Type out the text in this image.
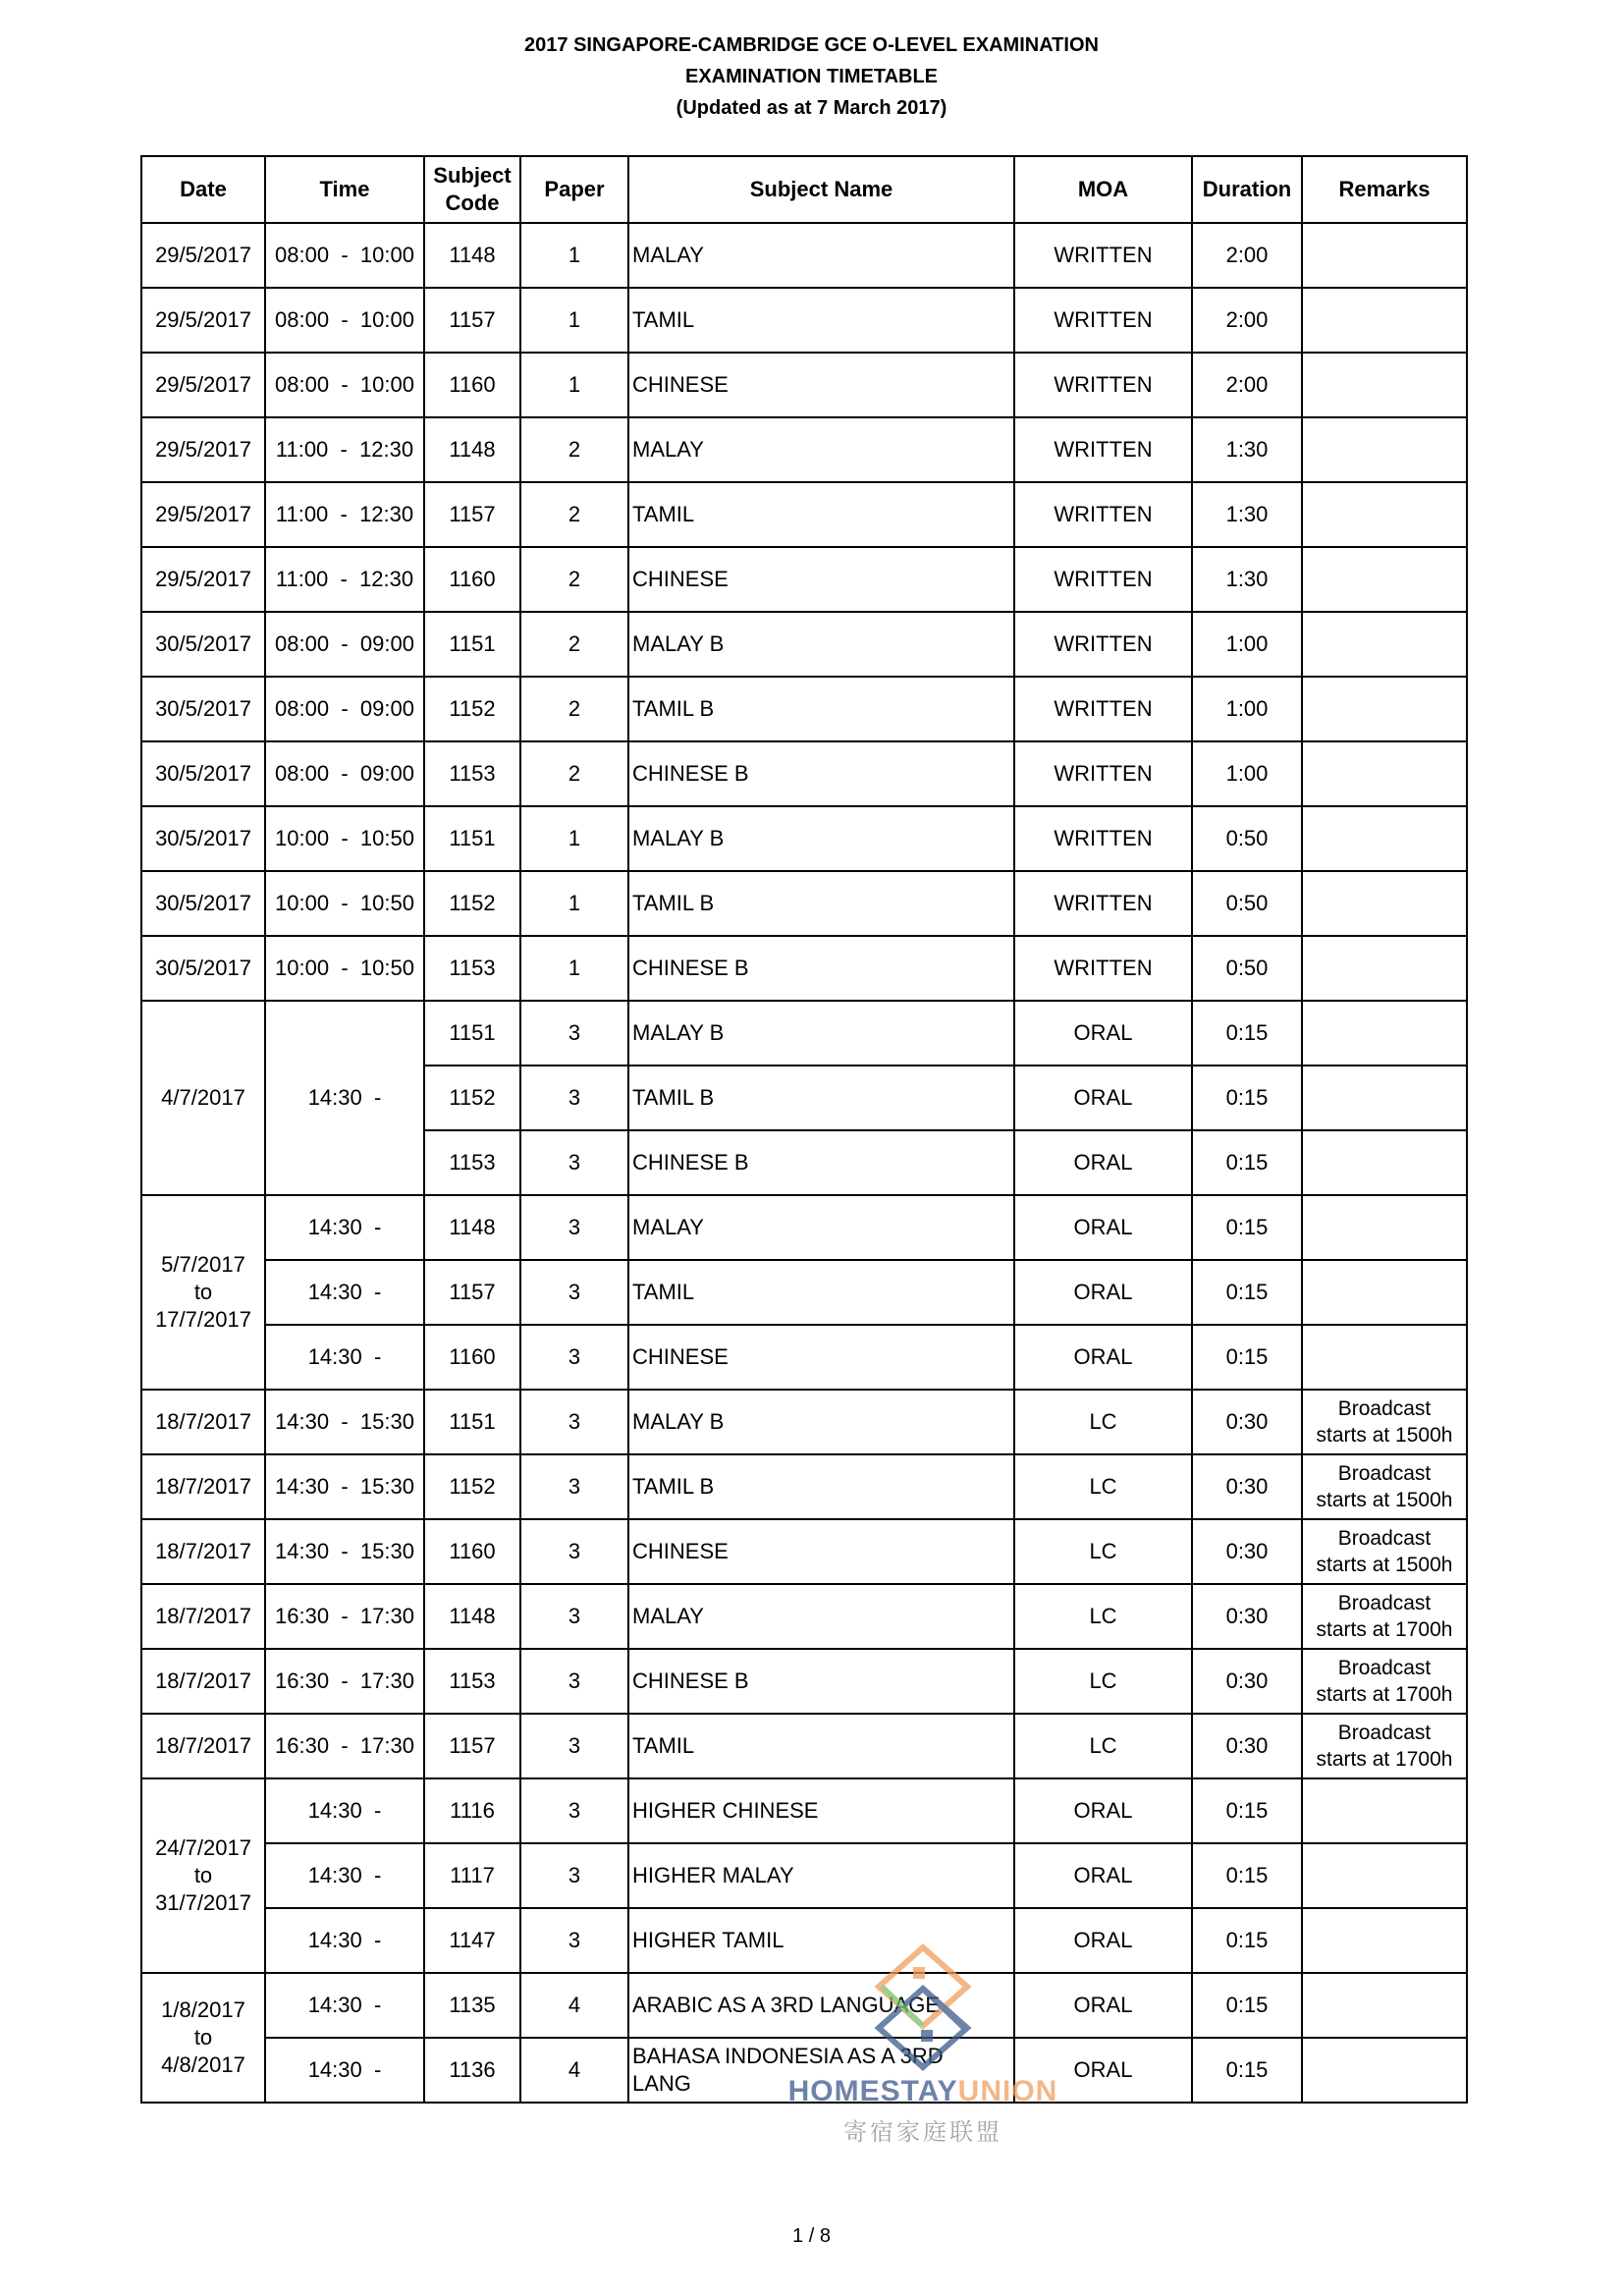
2017 SINGAPORE-CAMBRIDGE GCE O-LEVEL EXAMINATION
EXAMINATION TIMETABLE
(Updated as at 7 March 2017)
Date	Time	Subject
Code	Paper	Subject Name	MOA	Duration	Remarks
29/5/2017	08:00  -  10:00	1148	1	MALAY	WRITTEN	2:00	
29/5/2017	08:00  -  10:00	1157	1	TAMIL	WRITTEN	2:00	
29/5/2017	08:00  -  10:00	1160	1	CHINESE	WRITTEN	2:00	
29/5/2017	11:00  -  12:30	1148	2	MALAY	WRITTEN	1:30	
29/5/2017	11:00  -  12:30	1157	2	TAMIL	WRITTEN	1:30	
29/5/2017	11:00  -  12:30	1160	2	CHINESE	WRITTEN	1:30	
30/5/2017	08:00  -  09:00	1151	2	MALAY B	WRITTEN	1:00	
30/5/2017	08:00  -  09:00	1152	2	TAMIL B	WRITTEN	1:00	
30/5/2017	08:00  -  09:00	1153	2	CHINESE B	WRITTEN	1:00	
30/5/2017	10:00  -  10:50	1151	1	MALAY B	WRITTEN	0:50	
30/5/2017	10:00  -  10:50	1152	1	TAMIL B	WRITTEN	0:50	
30/5/2017	10:00  -  10:50	1153	1	CHINESE B	WRITTEN	0:50	
4/7/2017	14:30  -	1151	3	MALAY B	ORAL	0:15	
		1152	3	TAMIL B	ORAL	0:15	
		1153	3	CHINESE B	ORAL	0:15	
5/7/2017
to
17/7/2017	14:30  -	1148	3	MALAY	ORAL	0:15	
	14:30  -	1157	3	TAMIL	ORAL	0:15	
	14:30  -	1160	3	CHINESE	ORAL	0:15	
18/7/2017	14:30  -  15:30	1151	3	MALAY B	LC	0:30	Broadcast
starts at 1500h
18/7/2017	14:30  -  15:30	1152	3	TAMIL B	LC	0:30	Broadcast
starts at 1500h
18/7/2017	14:30  -  15:30	1160	3	CHINESE	LC	0:30	Broadcast
starts at 1500h
18/7/2017	16:30  -  17:30	1148	3	MALAY	LC	0:30	Broadcast
starts at 1700h
18/7/2017	16:30  -  17:30	1153	3	CHINESE B	LC	0:30	Broadcast
starts at 1700h
18/7/2017	16:30  -  17:30	1157	3	TAMIL	LC	0:30	Broadcast
starts at 1700h
24/7/2017
to
31/7/2017	14:30  -	1116	3	HIGHER CHINESE	ORAL	0:15	
	14:30  -	1117	3	HIGHER MALAY	ORAL	0:15	
	14:30  -	1147	3	HIGHER TAMIL	ORAL	0:15	
1/8/2017
to
4/8/2017	14:30  -	1135	4	ARABIC AS A 3RD LANGUAGE	ORAL	0:15	
	14:30  -	1136	4	BAHASA INDONESIA AS A 3RD
LANG	ORAL	0:15	
HOMESTAYUNION
寄宿家庭联盟
1 / 8
